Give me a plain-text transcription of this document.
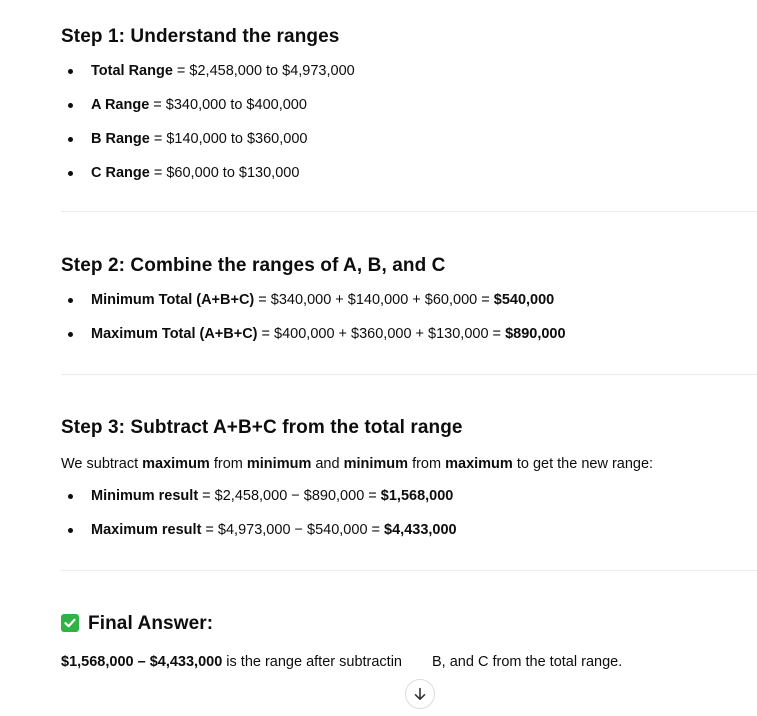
Step 1: Understand the ranges
Total Range = $2,458,000 to $4,973,000
A Range = $340,000 to $400,000
B Range = $140,000 to $360,000
C Range = $60,000 to $130,000
Step 2: Combine the ranges of A, B, and C
Minimum Total (A+B+C) = $340,000 + $140,000 + $60,000 = $540,000
Maximum Total (A+B+C) = $400,000 + $360,000 + $130,000 = $890,000
Step 3: Subtract A+B+C from the total range

We subtract maximum from minimum and minimum from maximum to get the new range:

Minimum result = $2,458,000 − $890,000 = $1,568,000
Maximum result = $4,973,000 − $540,000 = $4,433,000
Final Answer:

$1,568,000 – $4,433,000 is the range after subtractin B, and C from the total range.
